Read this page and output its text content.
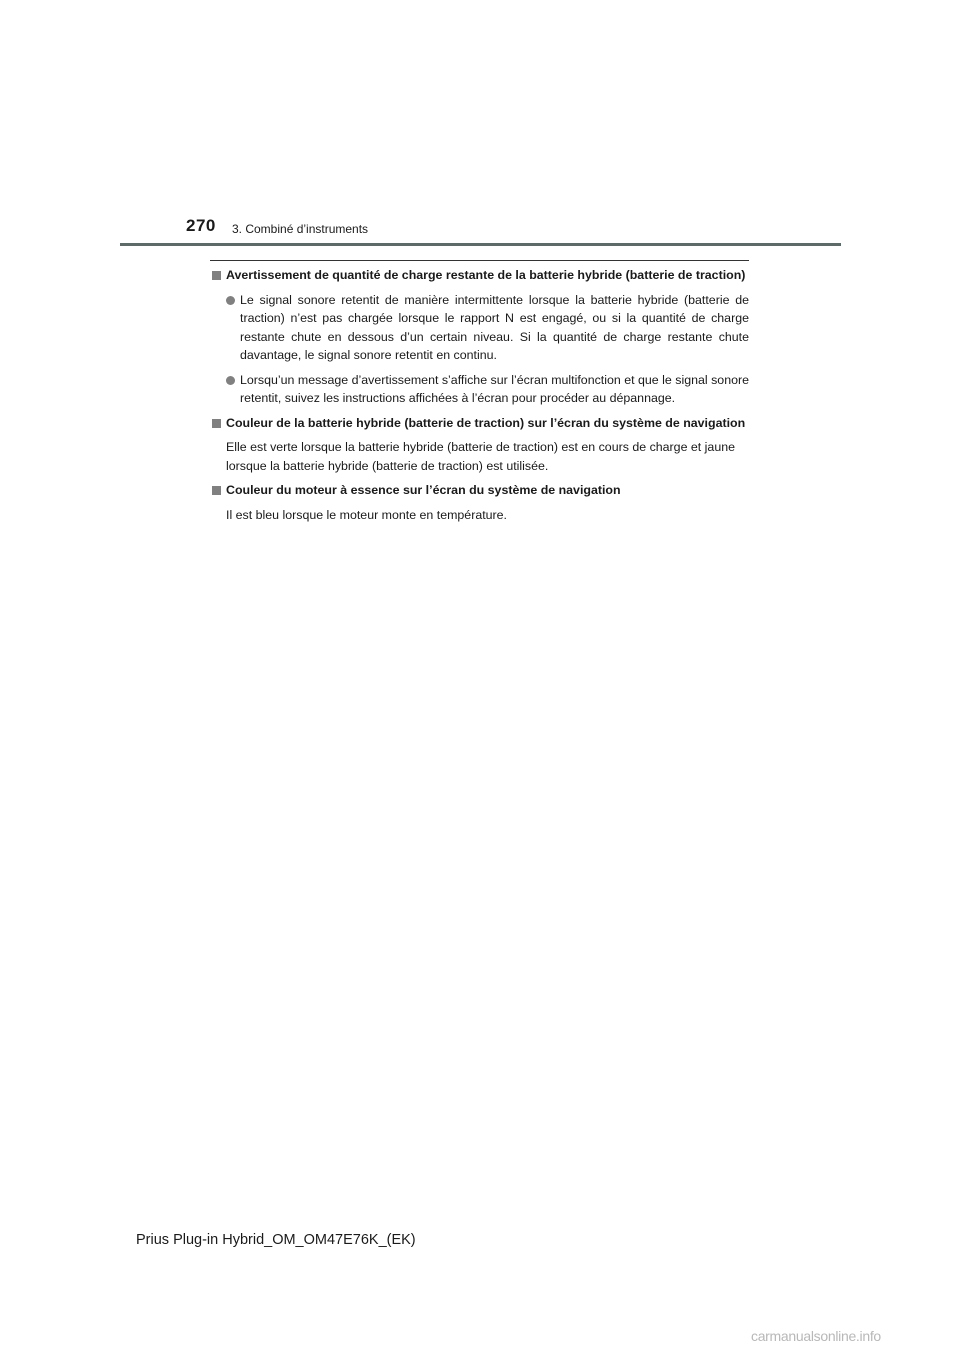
270 3. Combiné d’instruments
Avertissement de quantité de charge restante de la batterie hybride (batterie de traction)
Le signal sonore retentit de manière intermittente lorsque la batterie hybride (batterie de traction) n’est pas chargée lorsque le rapport N est engagé, ou si la quantité de charge restante chute en dessous d’un certain niveau. Si la quantité de charge restante chute davantage, le signal sonore retentit en continu.
Lorsqu’un message d’avertissement s’affiche sur l’écran multifonction et que le signal sonore retentit, suivez les instructions affichées à l’écran pour procéder au dépannage.
Couleur de la batterie hybride (batterie de traction) sur l’écran du système de navigation
Elle est verte lorsque la batterie hybride (batterie de traction) est en cours de charge et jaune lorsque la batterie hybride (batterie de traction) est utilisée.
Couleur du moteur à essence sur l’écran du système de navigation
Il est bleu lorsque le moteur monte en température.
Prius Plug-in Hybrid_OM_OM47E76K_(EK)
carmanualsonline.info
